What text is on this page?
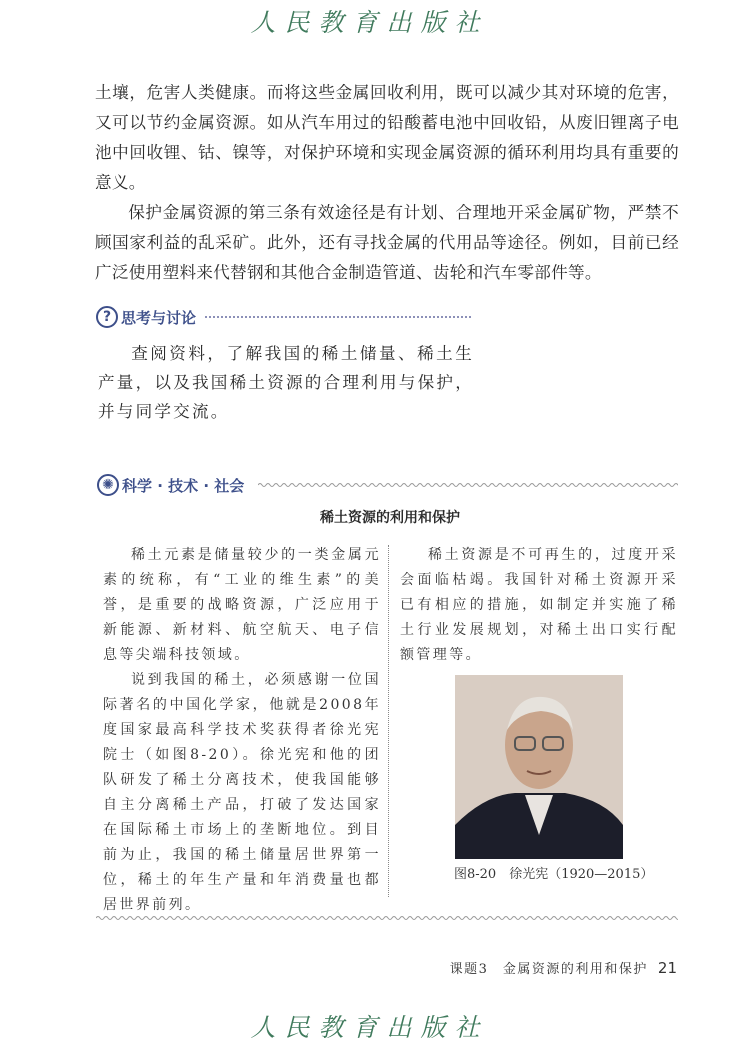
人民教育出版社

土壤，危害人类健康。而将这些金属回收利用，既可以减少其对环境的危害，又可以节约金属资源。如从汽车用过的铅酸蓄电池中回收铅，从废旧锂离子电池中回收锂、钴、镍等，对保护环境和实现金属资源的循环利用均具有重要的意义。

保护金属资源的第三条有效途径是有计划、合理地开采金属矿物，严禁不顾国家利益的乱采矿。此外，还有寻找金属的代用品等途径。例如，目前已经广泛使用塑料来代替钢和其他合金制造管道、齿轮和汽车零部件等。

? 思考与讨论

查阅资料，了解我国的稀土储量、稀土生产量，以及我国稀土资源的合理利用与保护，并与同学交流。

✺ 科学 · 技术 · 社会
稀土资源的利用和保护

稀土元素是储量较少的一类金属元素的统称，有“工业的维生素”的美誉，是重要的战略资源，广泛应用于新能源、新材料、航空航天、电子信息等尖端科技领域。

说到我国的稀土，必须感谢一位国际著名的中国化学家，他就是2008年度国家最高科学技术奖获得者徐光宪院士（如图8-20）。徐光宪和他的团队研发了稀土分离技术，使我国能够自主分离稀土产品，打破了发达国家在国际稀土市场上的垄断地位。到目前为止，我国的稀土储量居世界第一位，稀土的年生产量和年消费量也都居世界前列。

稀土资源是不可再生的，过度开采会面临枯竭。我国针对稀土资源开采已有相应的措施，如制定并实施了稀土行业发展规划，对稀土出口实行配额管理等。

图8-20　徐光宪（1920—2015）
课题3　金属资源的利用和保护 21
人民教育出版社
